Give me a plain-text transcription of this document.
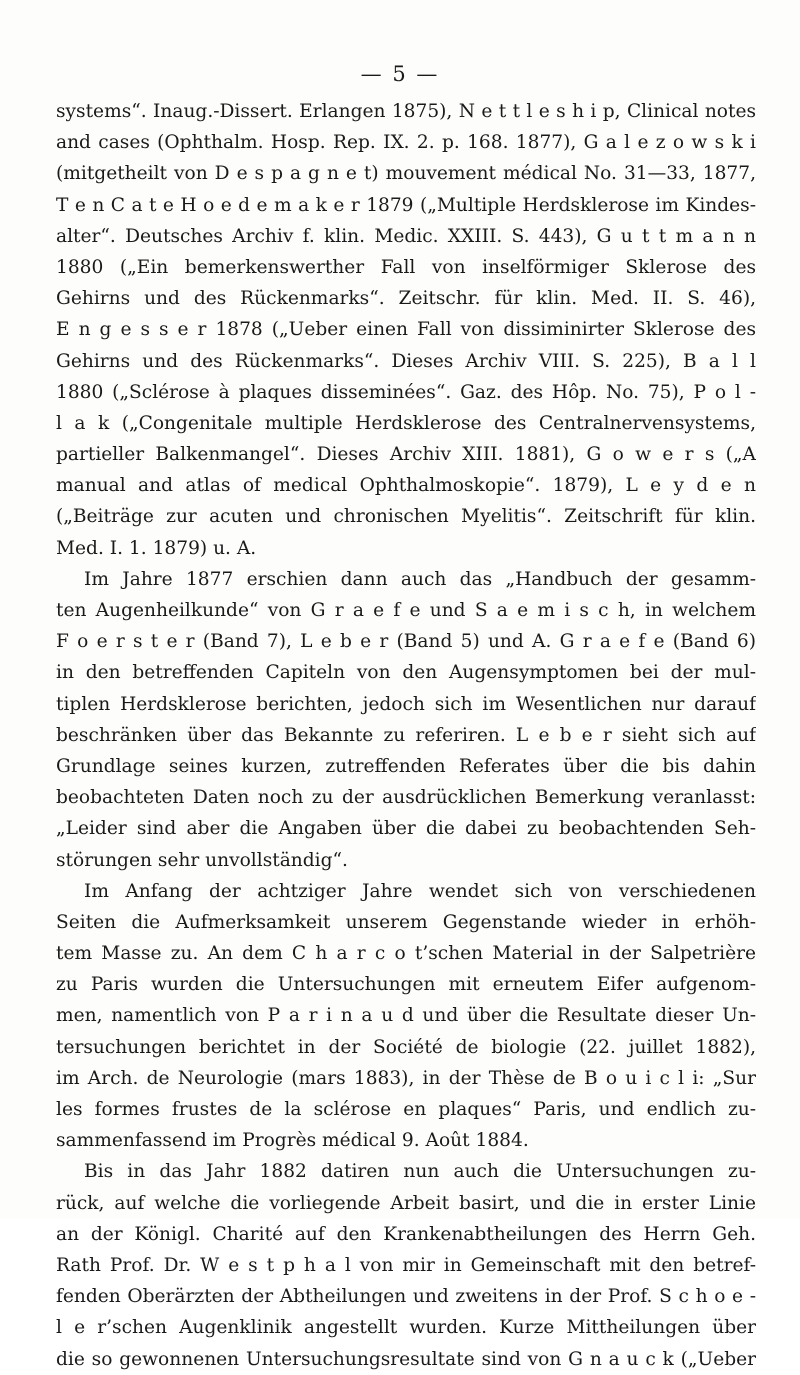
— 5 —
systems“. Inaug.-Dissert. Erlangen 1875), N e t t l e s h i p, Clinical notes
and cases (Ophthalm. Hosp. Rep. IX. 2. p. 168. 1877), G a l e z o w s k i
(mitgetheilt von D e s p a g n e t) mouvement médical No. 31—33, 1877,
T e n C a t e H o e d e m a k e r 1879 („Multiple Herdsklerose im Kindes-
alter“. Deutsches Archiv f. klin. Medic. XXIII. S. 443), G u t t m a n n
1880 („Ein bemerkenswerther Fall von inselförmiger Sklerose des
Gehirns und des Rückenmarks“. Zeitschr. für klin. Med. II. S. 46),
E n g e s s e r 1878 („Ueber einen Fall von dissiminirter Sklerose des
Gehirns und des Rückenmarks“. Dieses Archiv VIII. S. 225), B a l l
1880 („Sclérose à plaques disseminées“. Gaz. des Hôp. No. 75), P o l -
l a k („Congenitale multiple Herdsklerose des Centralnervensystems,
partieller Balkenmangel“. Dieses Archiv XIII. 1881), G o w e r s („A
manual and atlas of medical Ophthalmoskopie“. 1879), L e y d e n
(„Beiträge zur acuten und chronischen Myelitis“. Zeitschrift für klin.
Med. I. 1. 1879) u. A.
Im Jahre 1877 erschien dann auch das „Handbuch der gesamm-
ten Augenheilkunde“ von G r a e f e und S a e m i s c h, in welchem
F o e r s t e r (Band 7), L e b e r (Band 5) und A. G r a e f e (Band 6)
in den betreffenden Capiteln von den Augensymptomen bei der mul-
tiplen Herdsklerose berichten, jedoch sich im Wesentlichen nur darauf
beschränken über das Bekannte zu referiren. L e b e r sieht sich auf
Grundlage seines kurzen, zutreffenden Referates über die bis dahin
beobachteten Daten noch zu der ausdrücklichen Bemerkung veranlasst:
„Leider sind aber die Angaben über die dabei zu beobachtenden Seh-
störungen sehr unvollständig“.
Im Anfang der achtziger Jahre wendet sich von verschiedenen
Seiten die Aufmerksamkeit unserem Gegenstande wieder in erhöh-
tem Masse zu. An dem C h a r c o t’schen Material in der Salpetrière
zu Paris wurden die Untersuchungen mit erneutem Eifer aufgenom-
men, namentlich von P a r i n a u d und über die Resultate dieser Un-
tersuchungen berichtet in der Société de biologie (22. juillet 1882),
im Arch. de Neurologie (mars 1883), in der Thèse de B o u i c l i: „Sur
les formes frustes de la sclérose en plaques“ Paris, und endlich zu-
sammenfassend im Progrès médical 9. Août 1884.
Bis in das Jahr 1882 datiren nun auch die Untersuchungen zu-
rück, auf welche die vorliegende Arbeit basirt, und die in erster Linie
an der Königl. Charité auf den Krankenabtheilungen des Herrn Geh.
Rath Prof. Dr. W e s t p h a l von mir in Gemeinschaft mit den betref-
fenden Oberärzten der Abtheilungen und zweitens in der Prof. S c h o e -
l e r’schen Augenklinik angestellt wurden. Kurze Mittheilungen über
die so gewonnenen Untersuchungsresultate sind von G n a u c k („Ueber
